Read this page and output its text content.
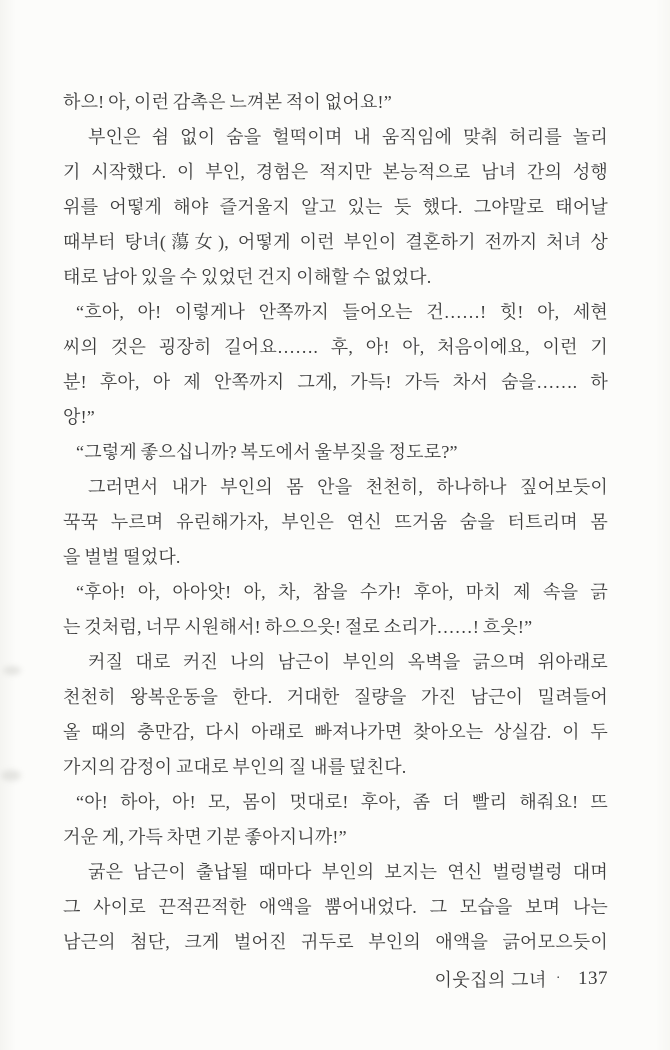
하으! 아, 이런 감촉은 느껴본 적이 없어요!”
부인은 쉼 없이 숨을 헐떡이며 내 움직임에 맞춰 허리를 놀리
기 시작했다. 이 부인, 경험은 적지만 본능적으로 남녀 간의 성행
위를 어떻게 해야 즐거울지 알고 있는 듯 했다. 그야말로 태어날
때부터 탕녀(蕩女), 어떻게 이런 부인이 결혼하기 전까지 처녀 상
태로 남아 있을 수 있었던 건지 이해할 수 없었다.
“흐아, 아! 이렇게나 안쪽까지 들어오는 건……! 힛! 아, 세현
씨의 것은 굉장히 길어요……. 후, 아! 아, 처음이에요, 이런 기
분! 후아, 아 제 안쪽까지 그게, 가득! 가득 차서 숨을……. 하
앙!”
“그렇게 좋으십니까? 복도에서 울부짖을 정도로?”
그러면서 내가 부인의 몸 안을 천천히, 하나하나 짚어보듯이
꾹꾹 누르며 유린해가자, 부인은 연신 뜨거움 숨을 터트리며 몸
을 벌벌 떨었다.
“후아! 아, 아아앗! 아, 차, 참을 수가! 후아, 마치 제 속을 긁
는 것처럼, 너무 시원해서! 하으으읏! 절로 소리가……! 흐읏!”
커질 대로 커진 나의 남근이 부인의 옥벽을 긁으며 위아래로
천천히 왕복운동을 한다. 거대한 질량을 가진 남근이 밀려들어
올 때의 충만감, 다시 아래로 빠져나가면 찾아오는 상실감. 이 두
가지의 감정이 교대로 부인의 질 내를 덮친다.
“아! 하아, 아! 모, 몸이 멋대로! 후아, 좀 더 빨리 해줘요! 뜨
거운 게, 가득 차면 기분 좋아지니까!”
굵은 남근이 출납될 때마다 부인의 보지는 연신 벌렁벌렁 대며
그 사이로 끈적끈적한 애액을 뿜어내었다. 그 모습을 보며 나는
남근의 첨단, 크게 벌어진 귀두로 부인의 애액을 긁어모으듯이
이웃집의 그녀 · 137
